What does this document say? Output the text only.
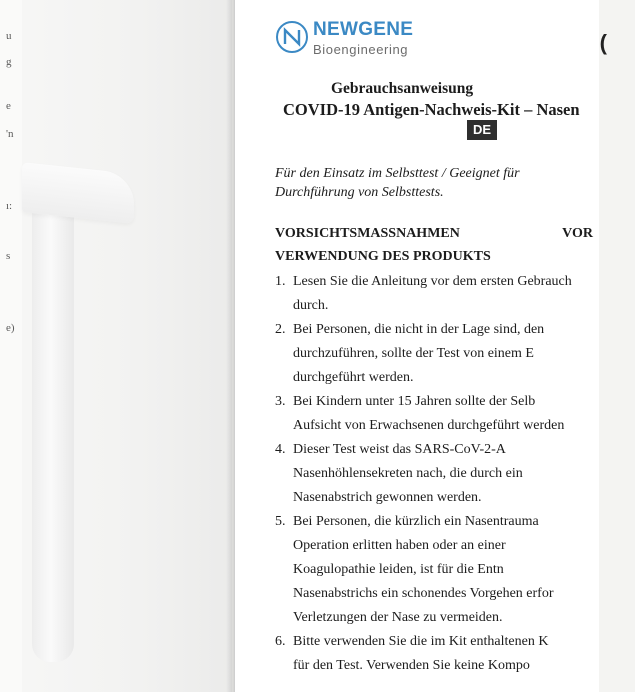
u
g
e
'n
ı:
s
e)
NEWGENE
Bioengineering	(
Gebrauchsanweisung
COVID-19 Antigen-Nachweis-Kit – Nasen
DE
Für den Einsatz im Selbsttest / Geeignet für
Durchführung von Selbsttests.
VORSICHTSMASSNAHMEN	VOR
VERWENDUNG DES PRODUKTS
1. Lesen Sie die Anleitung vor dem ersten Gebrauch
durch.
2. Bei Personen, die nicht in der Lage sind, den
durchzuführen, sollte der Test von einem E
durchgeführt werden.
3. Bei Kindern unter 15 Jahren sollte der Selb
Aufsicht von Erwachsenen durchgeführt werden
4. Dieser Test weist das SARS-CoV-2-A
Nasenhöhlensekreten nach, die durch ein
Nasenabstrich gewonnen werden.
5. Bei Personen, die kürzlich ein Nasentrauma
Operation erlitten haben oder an einer
Koagulopathie leiden, ist für die Entn
Nasenabstrichs ein schonendes Vorgehen erfor
Verletzungen der Nase zu vermeiden.
6. Bitte verwenden Sie die im Kit enthaltenen K
für den Test. Verwenden Sie keine Kompo
